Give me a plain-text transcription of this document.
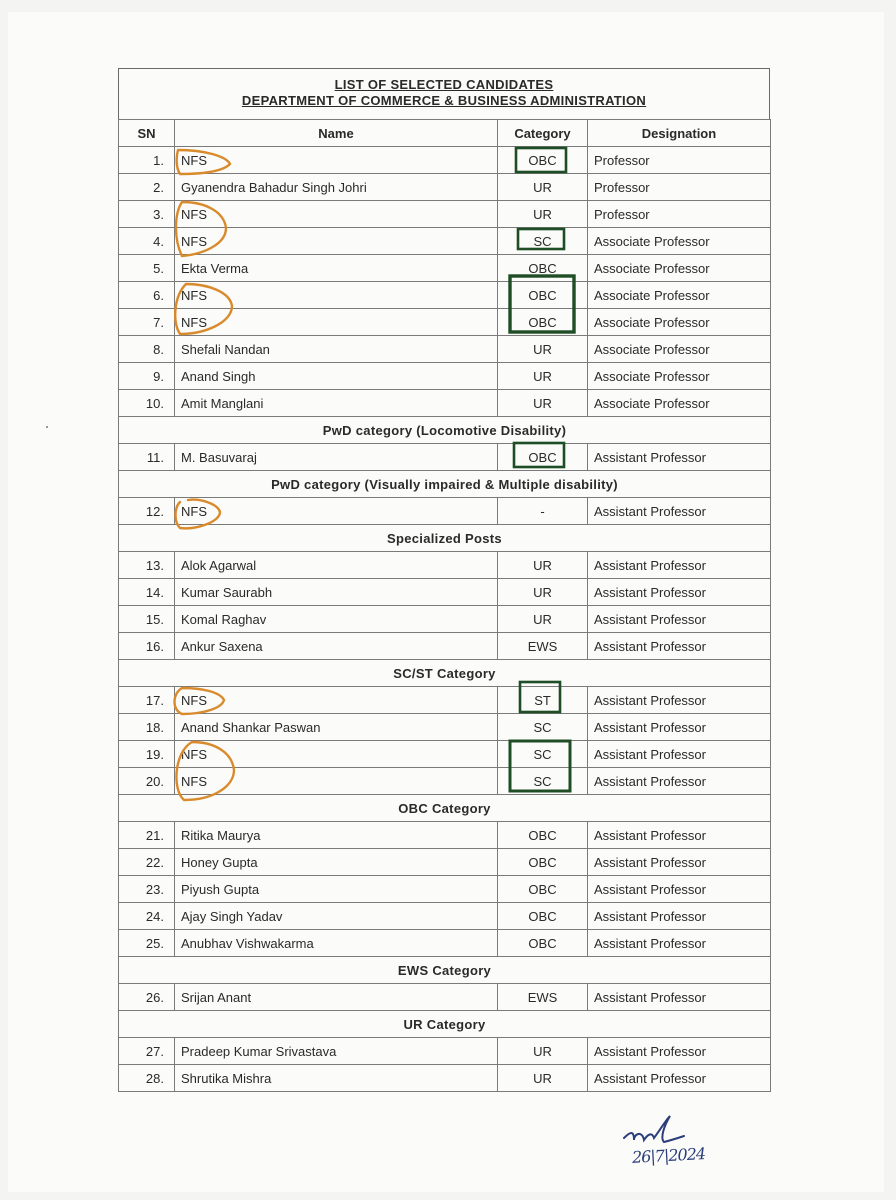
LIST OF SELECTED CANDIDATES
DEPARTMENT OF COMMERCE & BUSINESS ADMINISTRATION
SN	Name	Category	Designation
1.	NFS	OBC	Professor
2.	Gyanendra Bahadur Singh Johri	UR	Professor
3.	NFS	UR	Professor
4.	NFS	SC	Associate Professor
5.	Ekta Verma	OBC	Associate Professor
6.	NFS	OBC	Associate Professor
7.	NFS	OBC	Associate Professor
8.	Shefali Nandan	UR	Associate Professor
9.	Anand Singh	UR	Associate Professor
10.	Amit Manglani	UR	Associate Professor
PwD category (Locomotive Disability)			
11.	M. Basuvaraj	OBC	Assistant Professor
PwD category (Visually impaired & Multiple disability)			
12.	NFS	-	Assistant Professor
Specialized Posts			
13.	Alok Agarwal	UR	Assistant Professor
14.	Kumar Saurabh	UR	Assistant Professor
15.	Komal Raghav	UR	Assistant Professor
16.	Ankur Saxena	EWS	Assistant Professor
SC/ST Category			
17.	NFS	ST	Assistant Professor
18.	Anand Shankar Paswan	SC	Assistant Professor
19.	NFS	SC	Assistant Professor
20.	NFS	SC	Assistant Professor
OBC Category			
21.	Ritika Maurya	OBC	Assistant Professor
22.	Honey Gupta	OBC	Assistant Professor
23.	Piyush Gupta	OBC	Assistant Professor
24.	Ajay Singh Yadav	OBC	Assistant Professor
25.	Anubhav Vishwakarma	OBC	Assistant Professor
EWS Category			
26.	Srijan Anant	EWS	Assistant Professor
UR Category			
27.	Pradeep Kumar Srivastava	UR	Assistant Professor
28.	Shrutika Mishra	UR	Assistant Professor
26|7|2024
